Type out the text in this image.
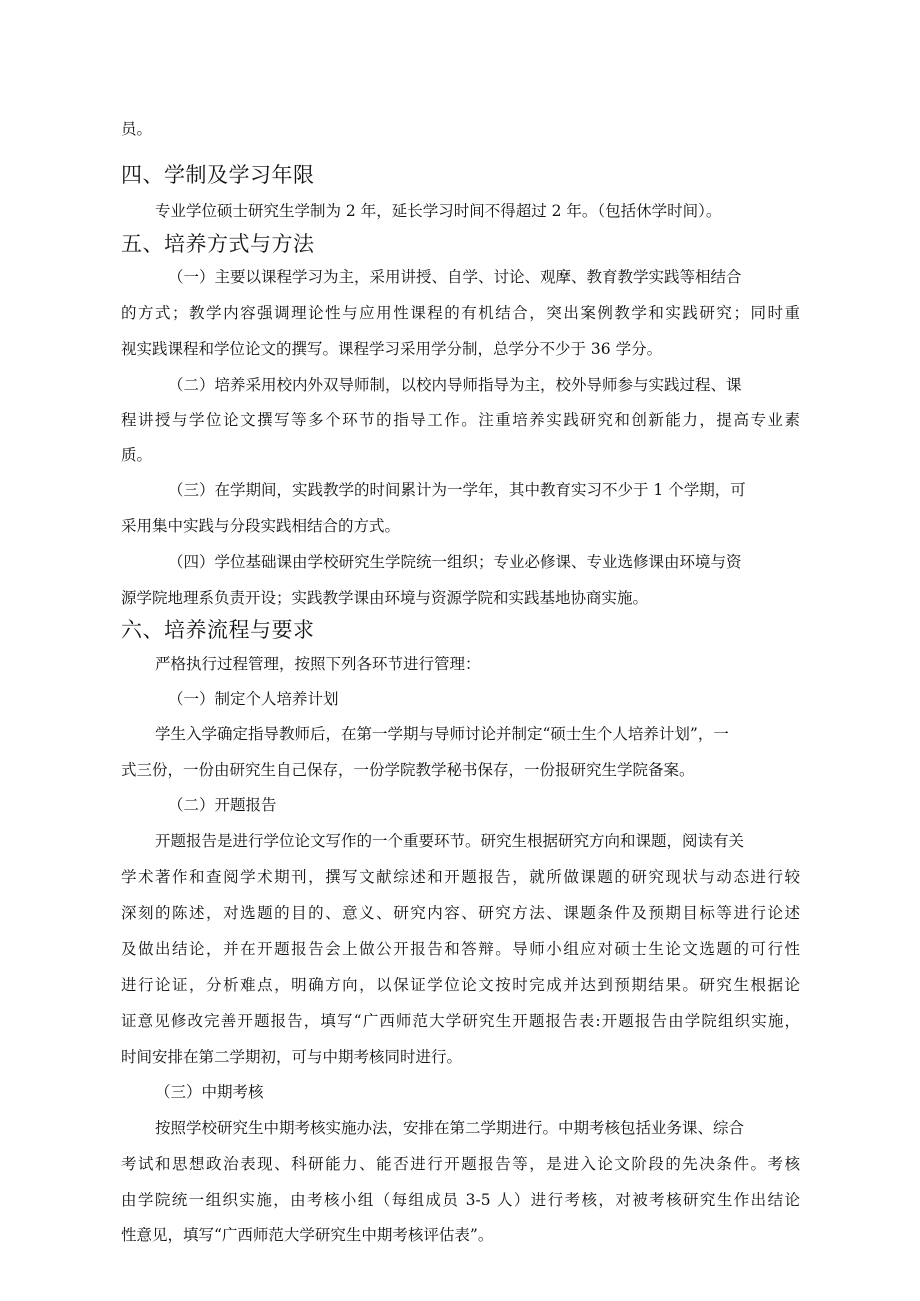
员。
四、学制及学习年限
专业学位硕士研究生学制为 2 年，延长学习时间不得超过 2 年。（包括休学时间）。
五、培养方式与方法
（一）主要以课程学习为主，采用讲授、自学、讨论、观摩、教育教学实践等相结合
的方式；教学内容强调理论性与应用性课程的有机结合，突出案例教学和实践研究；同时重
视实践课程和学位论文的撰写。课程学习采用学分制，总学分不少于 36 学分。
（二）培养采用校内外双导师制，以校内导师指导为主，校外导师参与实践过程、课
程讲授与学位论文撰写等多个环节的指导工作。注重培养实践研究和创新能力，提高专业素
质。
（三）在学期间，实践教学的时间累计为一学年，其中教育实习不少于 1 个学期，可
采用集中实践与分段实践相结合的方式。
（四）学位基础课由学校研究生学院统一组织；专业必修课、专业选修课由环境与资
源学院地理系负责开设；实践教学课由环境与资源学院和实践基地协商实施。
六、培养流程与要求
严格执行过程管理，按照下列各环节进行管理：
（一）制定个人培养计划
学生入学确定指导教师后，在第一学期与导师讨论并制定“硕士生个人培养计划”，一
式三份，一份由研究生自己保存，一份学院教学秘书保存，一份报研究生学院备案。
（二）开题报告
开题报告是进行学位论文写作的一个重要环节。研究生根据研究方向和课题，阅读有关
学术著作和查阅学术期刊，撰写文献综述和开题报告，就所做课题的研究现状与动态进行较
深刻的陈述，对选题的目的、意义、研究内容、研究方法、课题条件及预期目标等进行论述
及做出结论，并在开题报告会上做公开报告和答辩。导师小组应对硕士生论文选题的可行性
进行论证，分析难点，明确方向，以保证学位论文按时完成并达到预期结果。研究生根据论
证意见修改完善开题报告，填写“广西师范大学研究生开题报告表:开题报告由学院组织实施，
时间安排在第二学期初，可与中期考核同时进行。
（三）中期考核
按照学校研究生中期考核实施办法，安排在第二学期进行。中期考核包括业务课、综合
考试和思想政治表现、科研能力、能否进行开题报告等，是进入论文阶段的先决条件。考核
由学院统一组织实施，由考核小组（每组成员 3-5 人）进行考核，对被考核研究生作出结论
性意见，填写“广西师范大学研究生中期考核评估表”。
